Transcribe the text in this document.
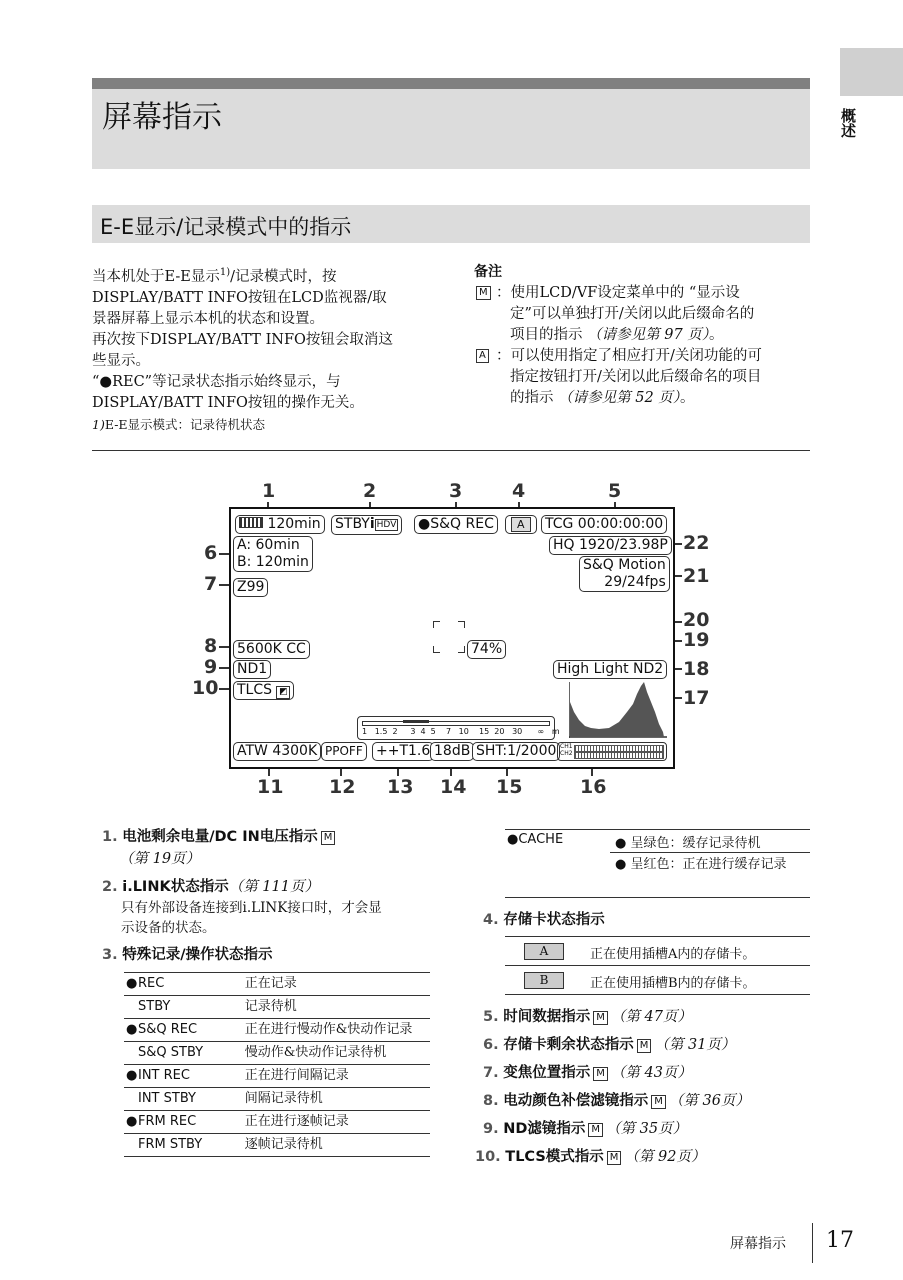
概述
屏幕指示
E-E显示/记录模式中的指示
当本机处于E-E显示$^{1)}$/记录模式时，按
DISPLAY/BATT INFO按钮在LCD监视器/取
景器屏幕上显示本机的状态和设置。
再次按下DISPLAY/BATT INFO按钮会取消这
些显示。
“●REC”等记录状态指示始终显示，与
DISPLAY/BATT INFO按钮的操作无关。
1)E-E显示模式：记录待机状态
备注
M ：使用LCD/VF设定菜单中的 “显示设
定”可以单独打开/关闭以此后缀命名的
项目的指示 （请参见第 97 页）。
A ：可以使用指定了相应打开/关闭功能的可
指定按钮打开/关闭以此后缀命名的项目
的指示 （请参见第 52 页）。
1	2	3	4	5
6
7
8
9
10
22
21
20
19
18
17
11 12 13 14 15	16
120min STBYi HDV	●S&Q REC	A	TCG 00:00:00:00
A: 60min
B: 120min
Z99
HQ 1920/23.98P
S&Q Motion
29/24fps
74%
5600K CC
ND1
TLCS ◩
High Light ND2
1   1.5  2     3  4  5    7   10    15  20   30      ∞   m
ATW 4300K PPOFF ++T1.6 18dB SHT:1/2000 CH1
CH2
1. 电池剩余电量/DC IN电压指示 M
（第 19页）
2. i.LINK状态指示（第 111页）
只有外部设备连接到i.LINK接口时，才会显
示设备的状态。
3. 特殊记录/操作状态指示
● REC	正在记录

STBY	记录待机

● S&Q REC	正在进行慢动作&快动作记录

S&Q STBY	慢动作&快动作记录待机

● INT REC	正在进行间隔记录

INT STBY	间隔记录待机

● FRM REC	正在进行逐帧记录

FRM STBY	逐帧记录待机
●CACHE	● 呈绿色：缓存记录待机
● 呈红色：正在进行缓存记录
4. 存储卡状态指示
A	正在使用插槽A内的存储卡。
B	正在使用插槽B内的存储卡。
5. 时间数据指示 M （第 47页）
6. 存储卡剩余状态指示 M （第 31页）
7. 变焦位置指示 M （第 43页）
8. 电动颜色补偿滤镜指示 M （第 36页）
9. ND滤镜指示 M （第 35页）
10. TLCS模式指示 M （第 92页）
屏幕指示 17
